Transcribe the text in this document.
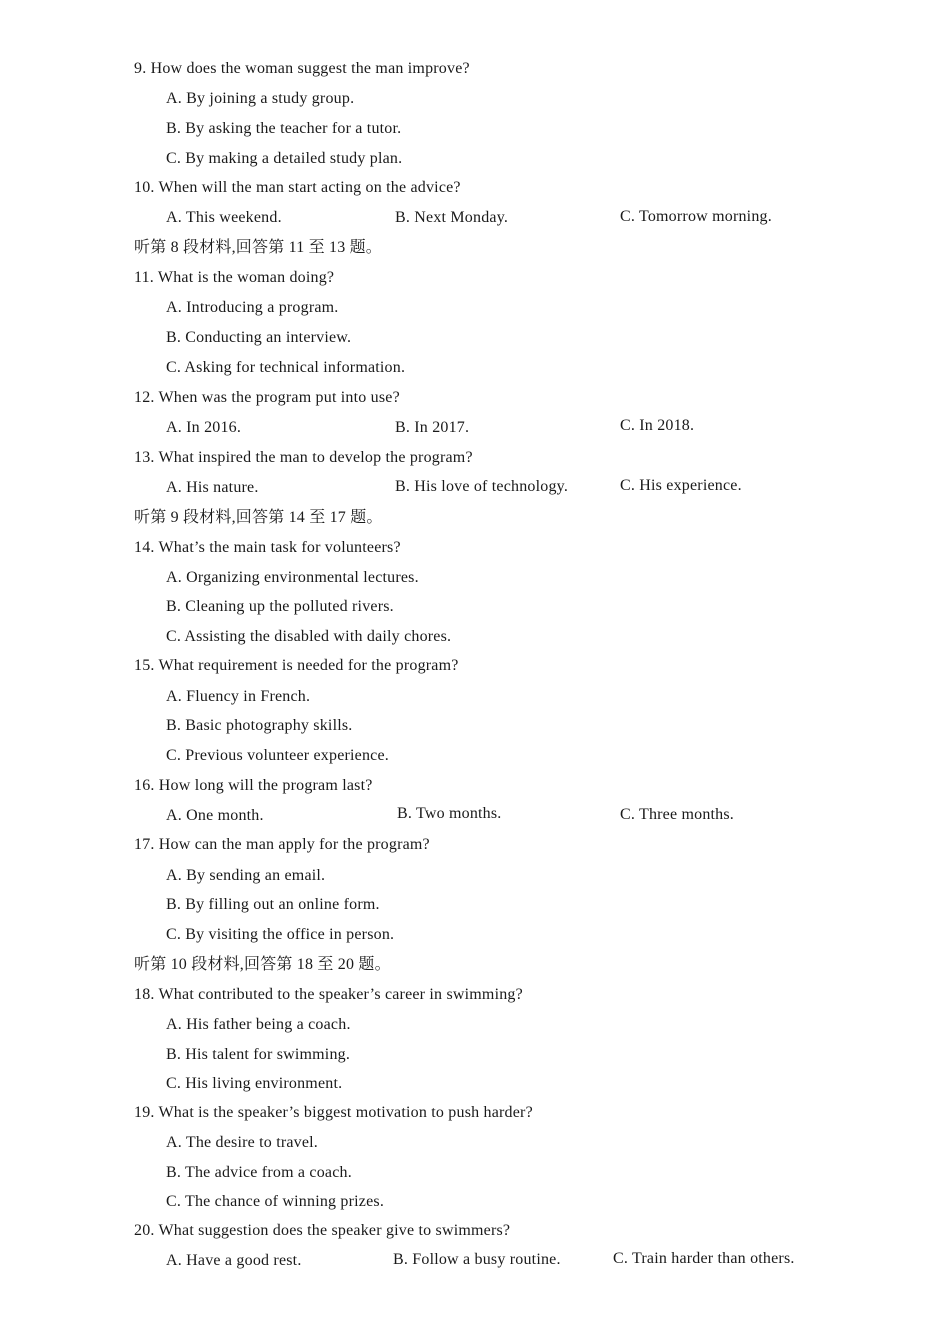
9. How does the woman suggest the man improve?
A. By joining a study group.
B. By asking the teacher for a tutor.
C. By making a detailed study plan.
10. When will the man start acting on the advice?
A. This weekend.	B. Next Monday.	C. Tomorrow morning.
听第 8 段材料,回答第 11 至 13 题。
11. What is the woman doing?
A. Introducing a program.
B. Conducting an interview.
C. Asking for technical information.
12. When was the program put into use?
A. In 2016.	B. In 2017.	C. In 2018.
13. What inspired the man to develop the program?
A. His nature.	B. His love of technology.	C. His experience.
听第 9 段材料,回答第 14 至 17 题。
14. What’s the main task for volunteers?
A. Organizing environmental lectures.
B. Cleaning up the polluted rivers.
C. Assisting the disabled with daily chores.
15. What requirement is needed for the program?
A. Fluency in French.
B. Basic photography skills.
C. Previous volunteer experience.
16. How long will the program last?
A. One month.	B. Two months.	C. Three months.
17. How can the man apply for the program?
A. By sending an email.
B. By filling out an online form.
C. By visiting the office in person.
听第 10 段材料,回答第 18 至 20 题。
18. What contributed to the speaker’s career in swimming?
A. His father being a coach.
B. His talent for swimming.
C. His living environment.
19. What is the speaker’s biggest motivation to push harder?
A. The desire to travel.
B. The advice from a coach.
C. The chance of winning prizes.
20. What suggestion does the speaker give to swimmers?
A. Have a good rest.	B. Follow a busy routine.	C. Train harder than others.
